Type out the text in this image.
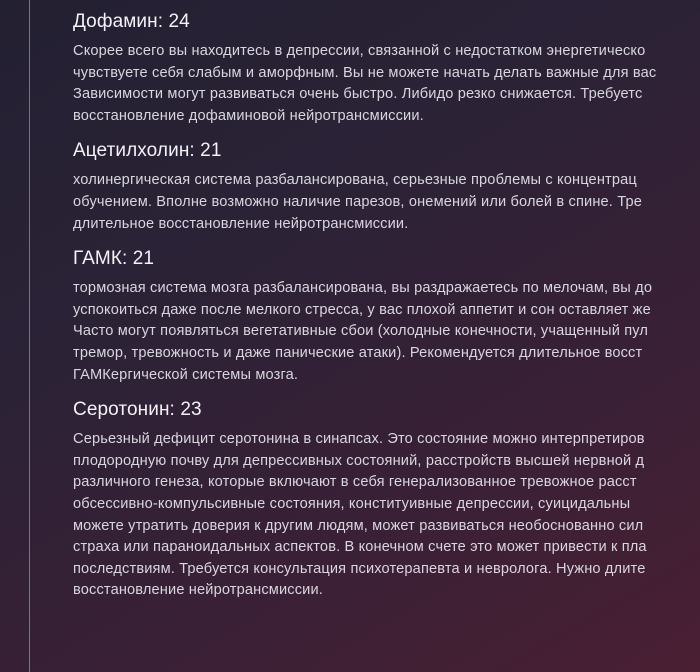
Дофамин: 24
Скорее всего вы находитесь в депрессии, связанной с недостатком энергетическо
чувствуете себя слабым и аморфным. Вы не можете начать делать важные для вас
Зависимости могут развиваться очень быстро. Либидо резко снижается. Требуетс
восстановление дофаминовой нейротрансмиссии.
Ацетилхолин: 21
холинергическая система разбалансирована, серьезные проблемы с концентрац
обучением. Вполне возможно наличие парезов, онемений или болей в спине. Тре
длительное восстановление нейротрансмиссии.
ГАМК: 21
тормозная система мозга разбалансирована, вы раздражаетесь по мелочам, вы до
успокоиться даже после мелкого стресса, у вас плохой аппетит и сон оставляет же
Часто могут появляться вегетативные сбои (холодные конечности, учащенный пул
тремор, тревожность и даже панические атаки). Рекомендуется длительное восст
ГАМКергической системы мозга.
Серотонин: 23
Серьезный дефицит серотонина в синапсах. Это состояние можно интерпретиров
плодородную почву для депрессивных состояний, расстройств высшей нервной д
различного генеза, которые включают в себя генерализованное тревожное расст
обсессивно-компульсивные состояния, конституивные депрессии, суицидальны
можете утратить доверия к другим людям, может развиваться необоснованно сил
страха или параноидальных аспектов. В конечном счете это может привести к пла
последствиям. Требуется консультация психотерапевта и невролога. Нужно длите
восстановление нейротрансмиссии.
